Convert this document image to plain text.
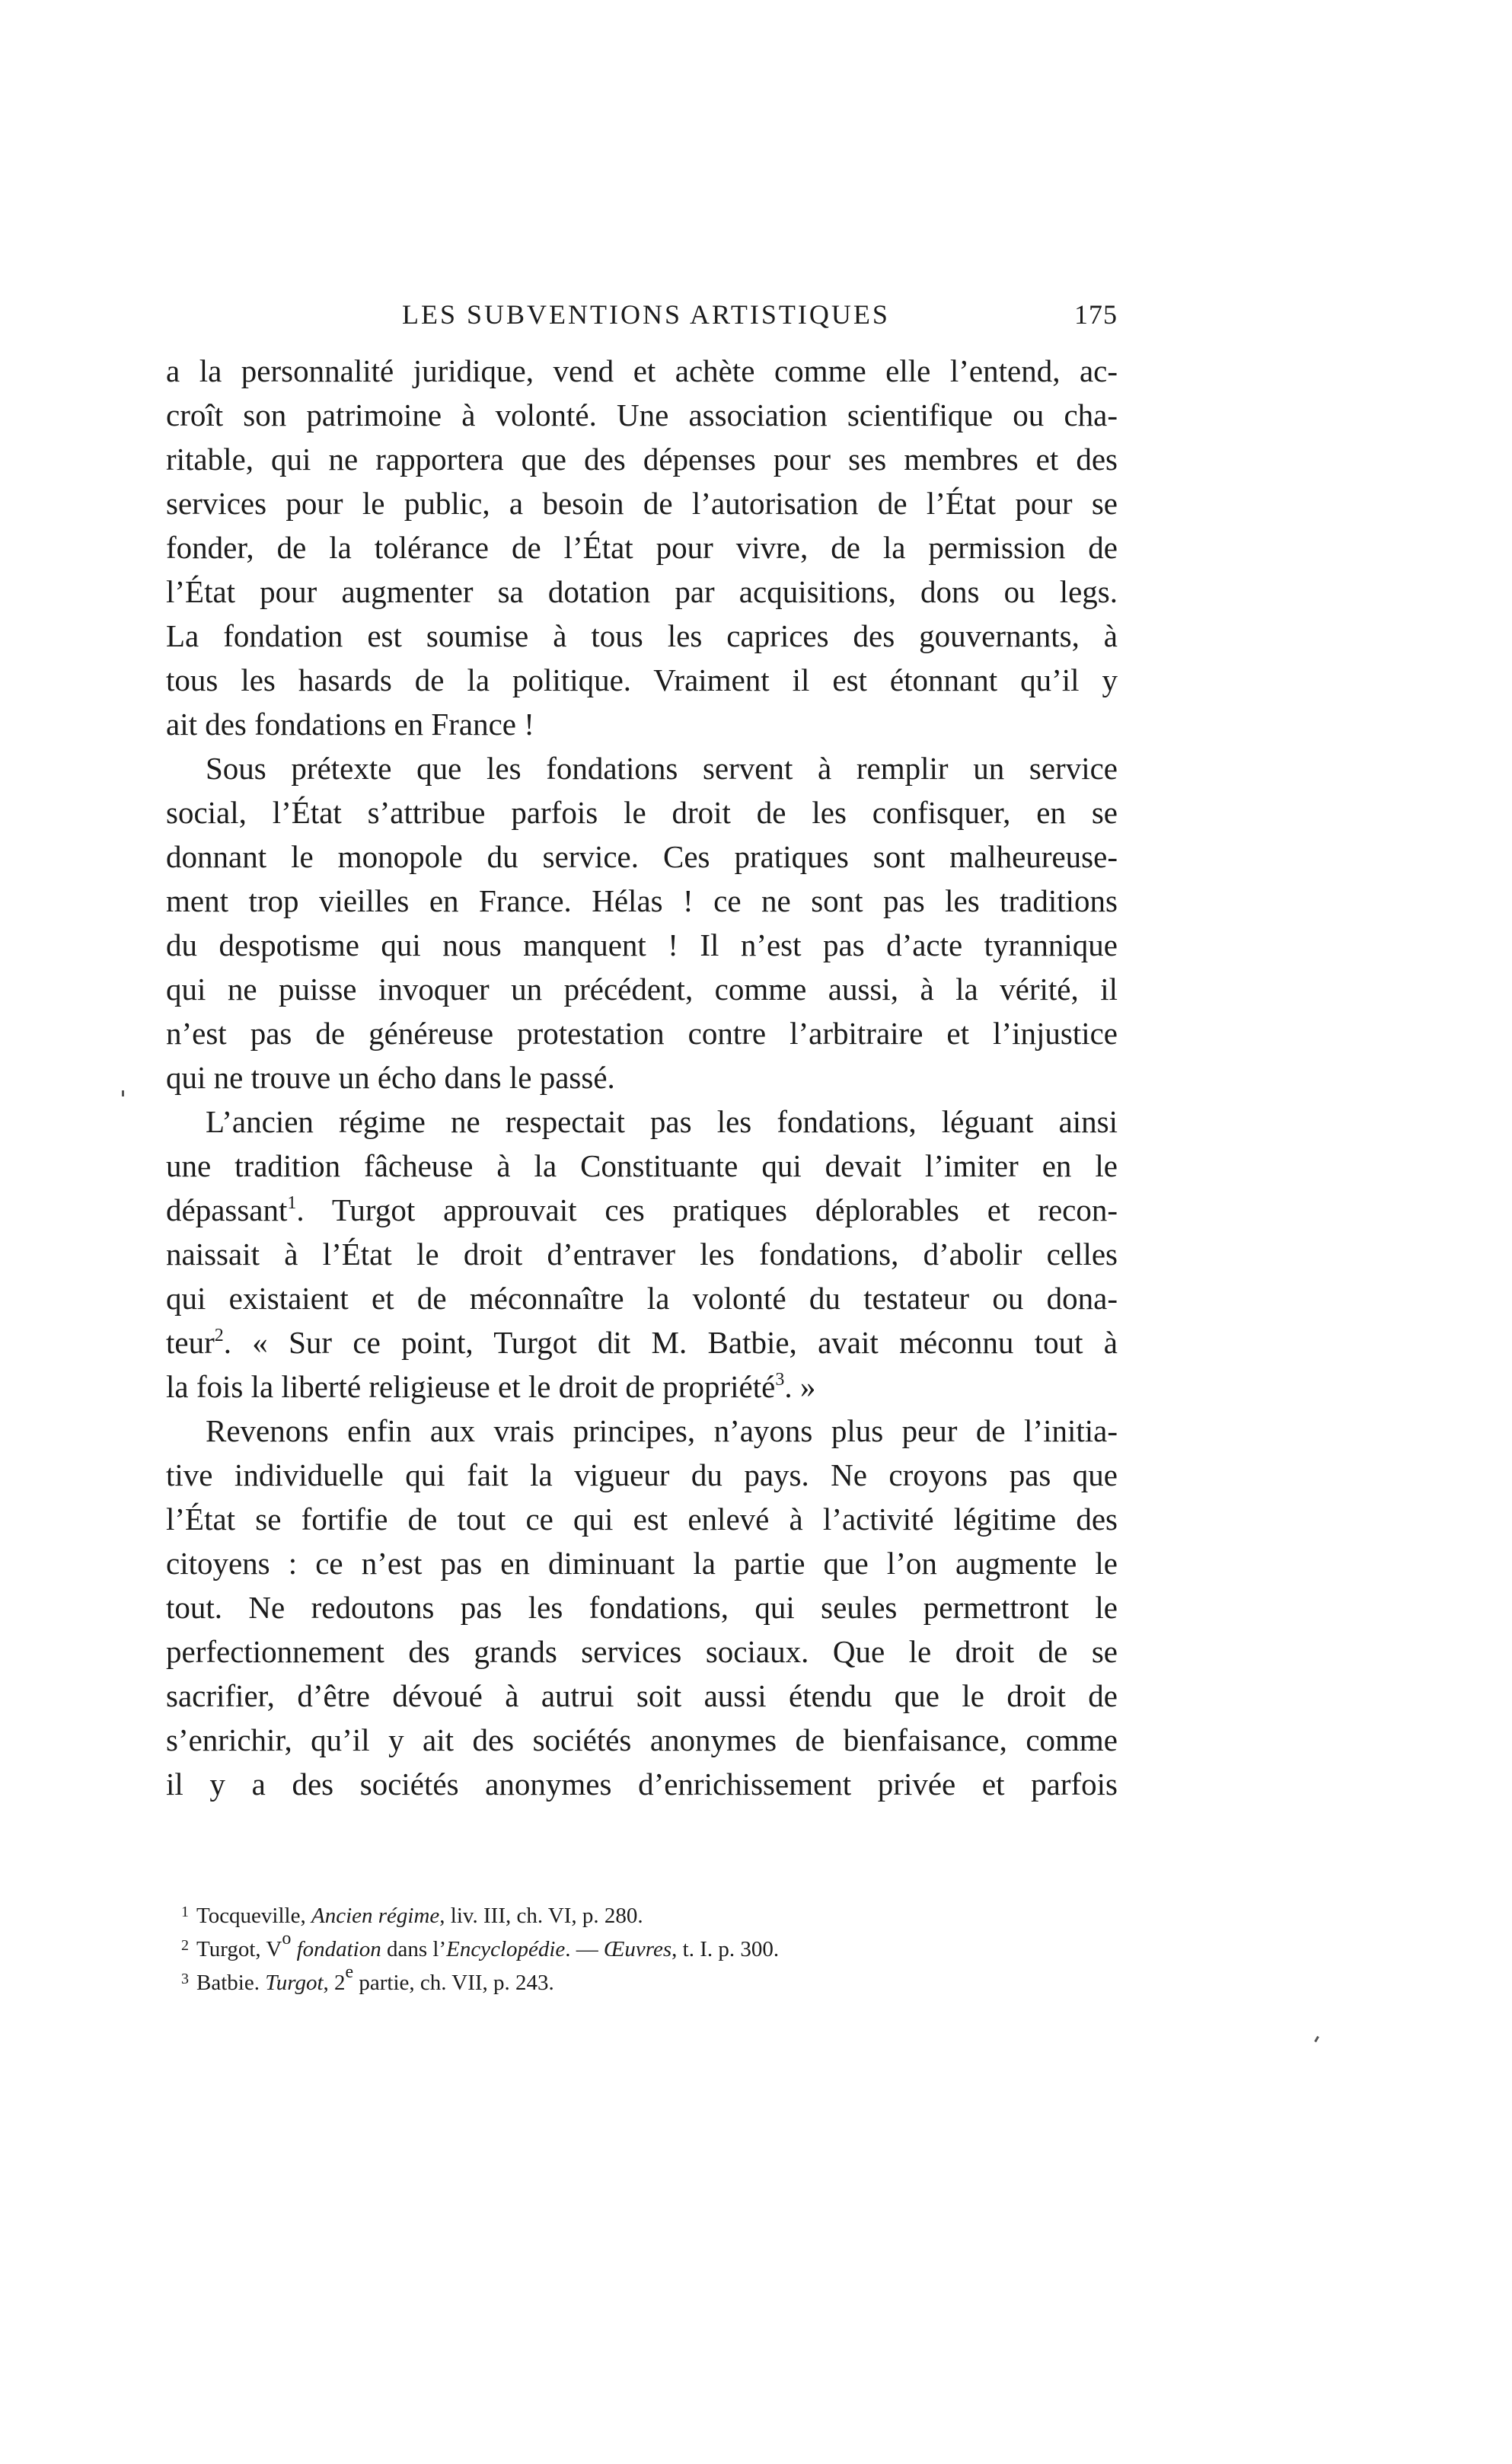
LES SUBVENTIONS ARTISTIQUES	175
a la personnalité juridique, vend et achète comme elle l’entend, ac-
croît son patrimoine à volonté. Une association scientifique ou cha-
ritable, qui ne rapportera que des dépenses pour ses membres et des
services pour le public, a besoin de l’autorisation de l’État pour se
fonder, de la tolérance de l’État pour vivre, de la permission de
l’État pour augmenter sa dotation par acquisitions, dons ou legs.
La fondation est soumise à tous les caprices des gouvernants, à
tous les hasards de la politique. Vraiment il est étonnant qu’il y
ait des fondations en France !
Sous prétexte que les fondations servent à remplir un service
social, l’État s’attribue parfois le droit de les confisquer, en se
donnant le monopole du service. Ces pratiques sont malheureuse-
ment trop vieilles en France. Hélas ! ce ne sont pas les traditions
du despotisme qui nous manquent ! Il n’est pas d’acte tyrannique
qui ne puisse invoquer un précédent, comme aussi, à la vérité, il
n’est pas de généreuse protestation contre l’arbitraire et l’injustice
qui ne trouve un écho dans le passé.
L’ancien régime ne respectait pas les fondations, léguant ainsi
une tradition fâcheuse à la Constituante qui devait l’imiter en le
dépassant$^1$. Turgot approuvait ces pratiques déplorables et recon-
naissait à l’État le droit d’entraver les fondations, d’abolir celles
qui existaient et de méconnaître la volonté du testateur ou dona-
teur$^2$. « Sur ce point, Turgot dit M. Batbie, avait méconnu tout à
la fois la liberté religieuse et le droit de propriété$^3$. »
Revenons enfin aux vrais principes, n’ayons plus peur de l’initia-
tive individuelle qui fait la vigueur du pays. Ne croyons pas que
l’État se fortifie de tout ce qui est enlevé à l’activité légitime des
citoyens : ce n’est pas en diminuant la partie que l’on augmente le
tout. Ne redoutons pas les fondations, qui seules permettront le
perfectionnement des grands services sociaux. Que le droit de se
sacrifier, d’être dévoué à autrui soit aussi étendu que le droit de
s’enrichir, qu’il y ait des sociétés anonymes de bienfaisance, comme
il y a des sociétés anonymes d’enrichissement privée et parfois
$^1$ Tocqueville, Ancien régime, liv. III, ch. VI, p. 280.
$^2$ Turgot, $V^o$ fondation dans l’Encyclopédie. — Œuvres, t. I. p. 300.
$^3$ Batbie. Turgot, 2e partie, ch. VII, p. 243.
